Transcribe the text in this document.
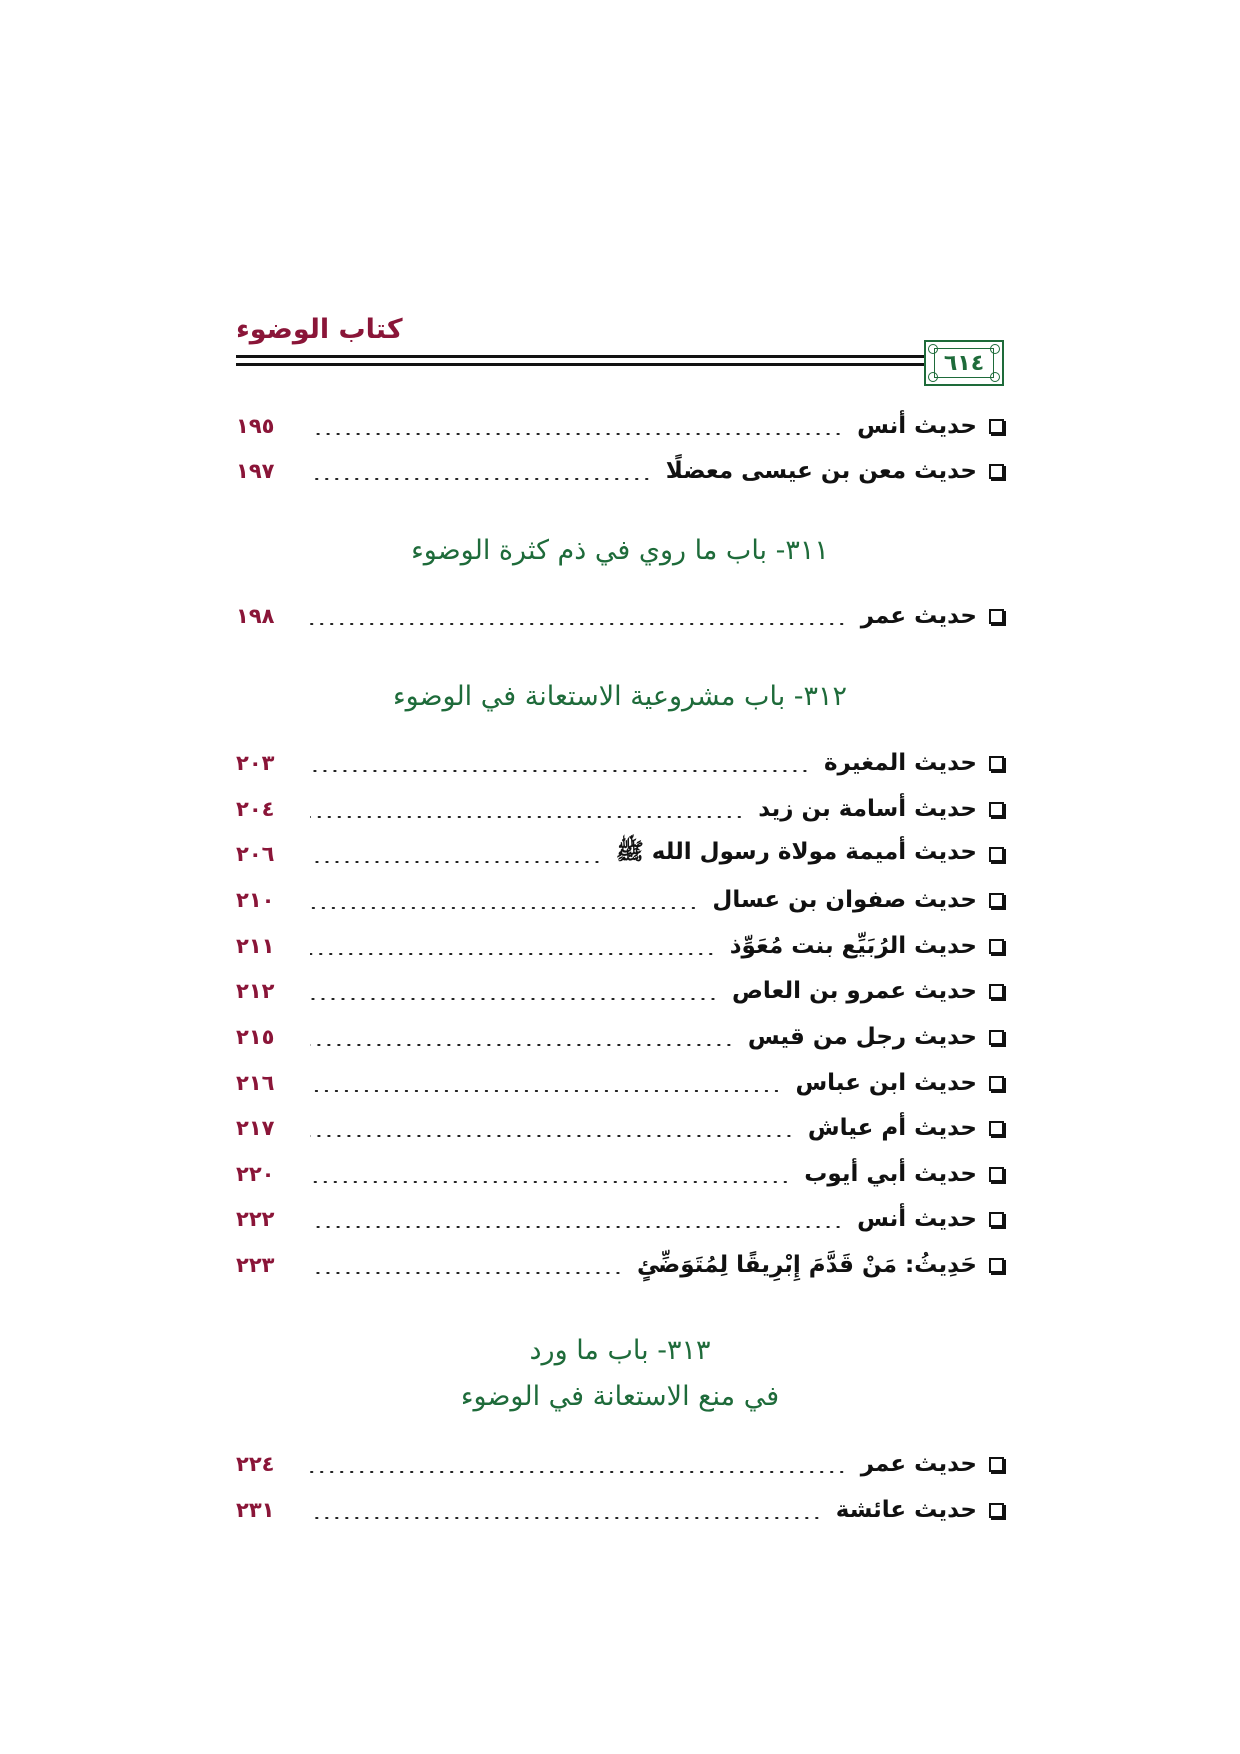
كتاب الوضوء
٦١٤
حديث أنس
١٩٥
حديث معن بن عيسى معضلًا
١٩٧
٣١١- باب ما روي في ذم كثرة الوضوء
حديث عمر
١٩٨
٣١٢- باب مشروعية الاستعانة في الوضوء
حديث المغيرة
٢٠٣
حديث أسامة بن زيد
٢٠٤
حديث أميمة مولاة رسول الله ﷺ
٢٠٦
حديث صفوان بن عسال
٢١٠
حديث الرُبَيِّع بنت مُعَوِّذ
٢١١
حديث عمرو بن العاص
٢١٢
حديث رجل من قيس
٢١٥
حديث ابن عباس
٢١٦
حديث أم عياش
٢١٧
حديث أبي أيوب
٢٢٠
حديث أنس
٢٢٢
حَدِيثُ: مَنْ قَدَّمَ إِبْرِيقًا لِمُتَوَضِّئٍ
٢٢٣
٣١٣- باب ما ورد
في منع الاستعانة في الوضوء
حديث عمر
٢٢٤
حديث عائشة
٢٣١
